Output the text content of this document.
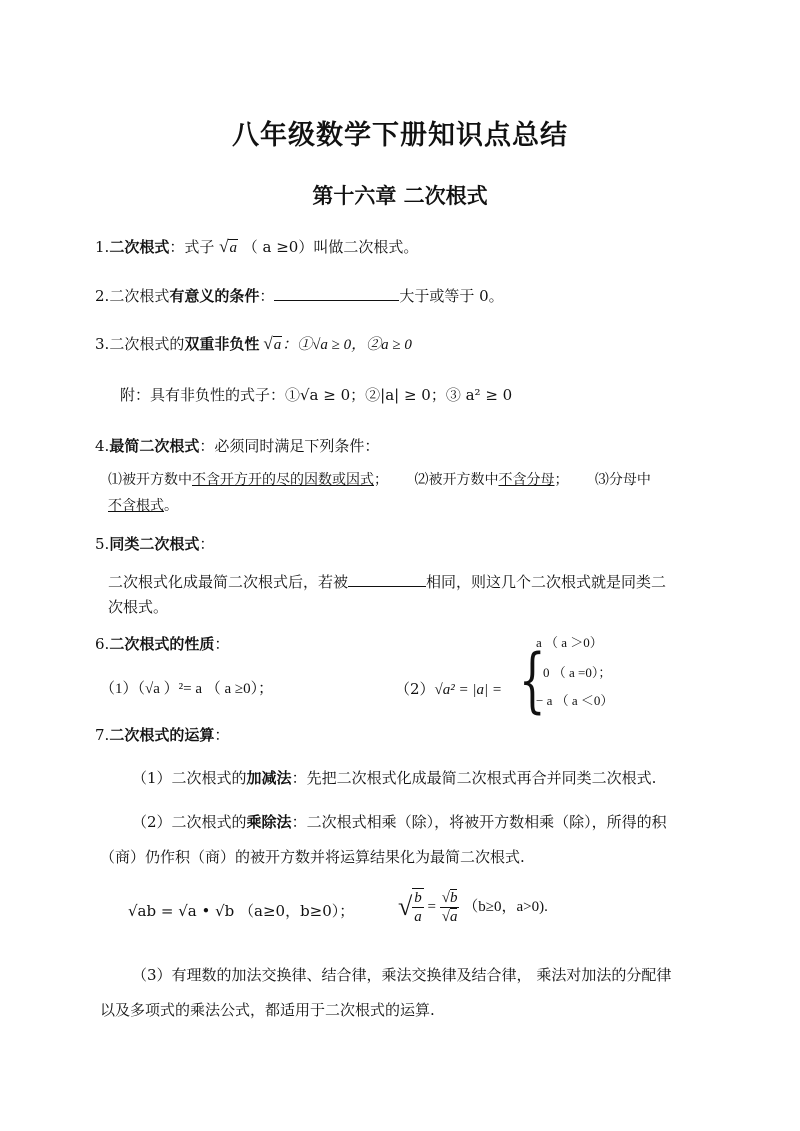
八年级数学下册知识点总结
第十六章 二次根式
1.二次根式：式子 √a （ a ≥0）叫做二次根式。
2.二次根式有意义的条件：	大于或等于 0。
3.二次根式的双重非负性 √a：①√a ≥ 0，②a ≥ 0
附：具有非负性的式子：①√a ≥ 0；②|a| ≥ 0；③ a² ≥ 0
4.最简二次根式：必须同时满足下列条件：
⑴被开方数中不含开方开的尽的因数或因式； ⑵被开方数中不含分母； ⑶分母中
不含根式。
5.同类二次根式：
二次根式化成最简二次根式后，若被	相同，则这几个二次根式就是同类二
次根式。
6.二次根式的性质：
（1）（√a ）²= a （ a ≥0）；	（2）√a² = |a| = {
a （ a ＞0）
0 （ a =0）；
− a （ a ＜0）
7.二次根式的运算：
（1）二次根式的加减法：先把二次根式化成最简二次根式再合并同类二次根式.
（2）二次根式的乘除法：二次根式相乘（除），将被开方数相乘（除），所得的积
（商）仍作积（商）的被开方数并将运算结果化为最简二次根式.
√ab = √a • √b （a≥0，b≥0）； √ $\frac{b}{a} = \frac{√b}{√a} (b\ge 0$，a>0).
（3）有理数的加法交换律、结合律，乘法交换律及结合律， 乘法对加法的分配律
以及多项式的乘法公式，都适用于二次根式的运算.
